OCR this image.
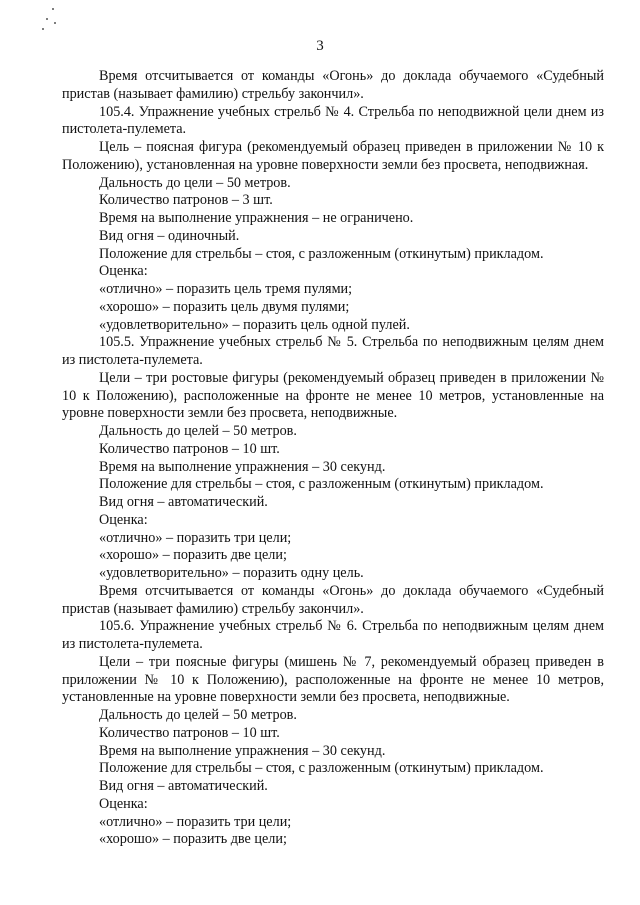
3

Время отсчитывается от команды «Огонь» до доклада обучаемого «Судебный пристав (называет фамилию) стрельбу закончил».

105.4. Упражнение учебных стрельб № 4. Стрельба по неподвижной цели днем из пистолета-пулемета.

Цель – поясная фигура (рекомендуемый образец приведен в приложении № 10 к Положению), установленная на уровне поверхности земли без просвета, неподвижная.

Дальность до цели – 50 метров.

Количество патронов – 3 шт.

Время на выполнение упражнения – не ограничено.

Вид огня – одиночный.

Положение для стрельбы – стоя, с разложенным (откинутым) прикладом.

Оценка:

«отлично» – поразить цель тремя пулями;

«хорошо» – поразить цель двумя пулями;

«удовлетворительно» – поразить цель одной пулей.

105.5. Упражнение учебных стрельб № 5. Стрельба по неподвижным целям днем из пистолета-пулемета.

Цели – три ростовые фигуры (рекомендуемый образец приведен в приложении № 10 к Положению), расположенные на фронте не менее 10 метров, установленные на уровне поверхности земли без просвета, неподвижные.

Дальность до целей – 50 метров.

Количество патронов – 10 шт.

Время на выполнение упражнения – 30 секунд.

Положение для стрельбы – стоя, с разложенным (откинутым) прикладом.

Вид огня – автоматический.

Оценка:

«отлично» – поразить три цели;

«хорошо» – поразить две цели;

«удовлетворительно» – поразить одну цель.

Время отсчитывается от команды «Огонь» до доклада обучаемого «Судебный пристав (называет фамилию) стрельбу закончил».

105.6. Упражнение учебных стрельб № 6. Стрельба по неподвижным целям днем из пистолета-пулемета.

Цели – три поясные фигуры (мишень № 7, рекомендуемый образец приведен в приложении № 10 к Положению), расположенные на фронте не менее 10 метров, установленные на уровне поверхности земли без просвета, неподвижные.

Дальность до целей – 50 метров.

Количество патронов – 10 шт.

Время на выполнение упражнения – 30 секунд.

Положение для стрельбы – стоя, с разложенным (откинутым) прикладом.

Вид огня – автоматический.

Оценка:

«отлично» – поразить три цели;

«хорошо» – поразить две цели;
